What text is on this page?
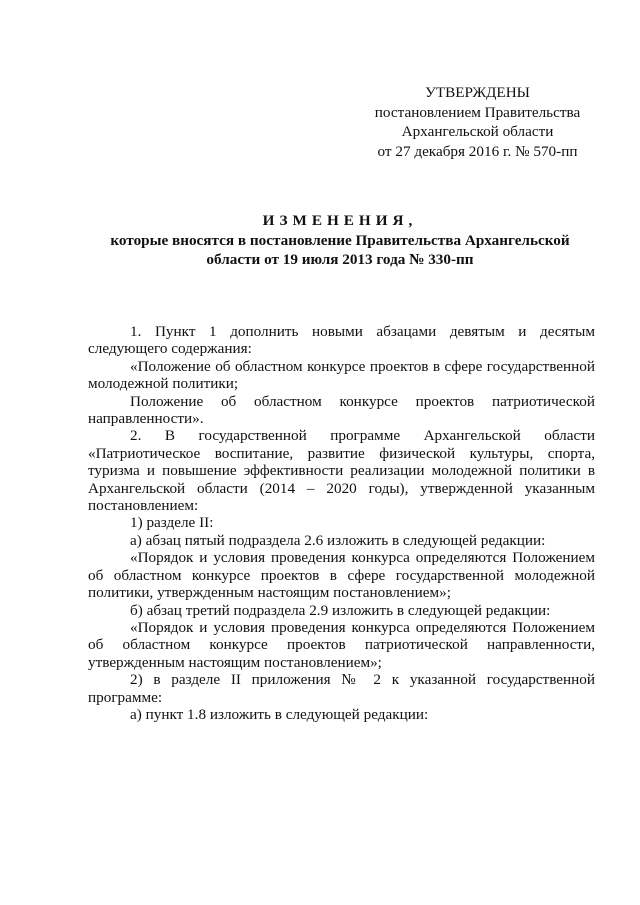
УТВЕРЖДЕНЫ
постановлением Правительства
Архангельской области
от 27 декабря 2016 г. № 570-пп
ИЗМЕНЕНИЯ,
которые вносятся в постановление Правительства Архангельской
области от 19 июля 2013 года № 330-пп

1. Пункт 1 дополнить новыми абзацами девятым и десятым следующего содержания:

«Положение об областном конкурсе проектов в сфере государственной молодежной политики;

Положение об областном конкурсе проектов патриотической направленности».

2. В государственной программе Архангельской области «Патриотическое воспитание, развитие физической культуры, спорта, туризма и повышение эффективности реализации молодежной политики в Архангельской области (2014 – 2020 годы), утвержденной указанным постановлением:

1) разделе II:

а) абзац пятый подраздела 2.6 изложить в следующей редакции:

«Порядок и условия проведения конкурса определяются Положением об областном конкурсе проектов в сфере государственной молодежной политики, утвержденным настоящим постановлением»;

б) абзац третий подраздела 2.9 изложить в следующей редакции:

«Порядок и условия проведения конкурса определяются Положением об областном конкурсе проектов патриотической направленности, утвержденным настоящим постановлением»;

2) в разделе II приложения № 2 к указанной государственной программе:

а) пункт 1.8 изложить в следующей редакции:
